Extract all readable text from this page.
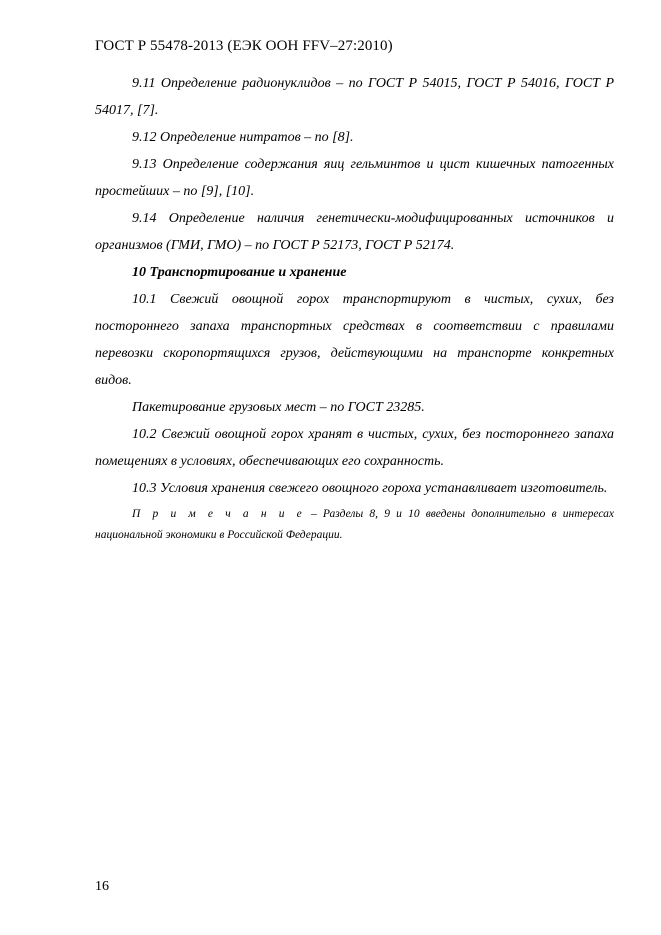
ГОСТ Р 55478-2013 (ЕЭК ООН FFV–27:2010)

9.11 Определение радионуклидов – по ГОСТ Р 54015, ГОСТ Р 54016, ГОСТ Р 54017, [7].

9.12 Определение нитратов – по [8].

9.13 Определение содержания яиц гельминтов и цист кишечных патогенных простейших – по [9], [10].

9.14 Определение наличия генетически-модифицированных источников и организмов (ГМИ, ГМО) – по ГОСТ Р 52173, ГОСТ Р 52174.

10 Транспортирование и хранение

10.1 Свежий овощной горох транспортируют в чистых, сухих, без постороннего запаха транспортных средствах в соответствии с правилами перевозки скоропортящихся грузов, действующими на транспорте конкретных видов.

Пакетирование грузовых мест – по ГОСТ 23285.

10.2 Свежий овощной горох хранят в чистых, сухих, без постороннего запаха помещениях в условиях, обеспечивающих его сохранность.

10.3 Условия хранения свежего овощного гороха устанавливает изготовитель.

П р и м е ч а н и е – Разделы 8, 9 и 10 введены дополнительно в интересах национальной экономики в Российской Федерации.

16
